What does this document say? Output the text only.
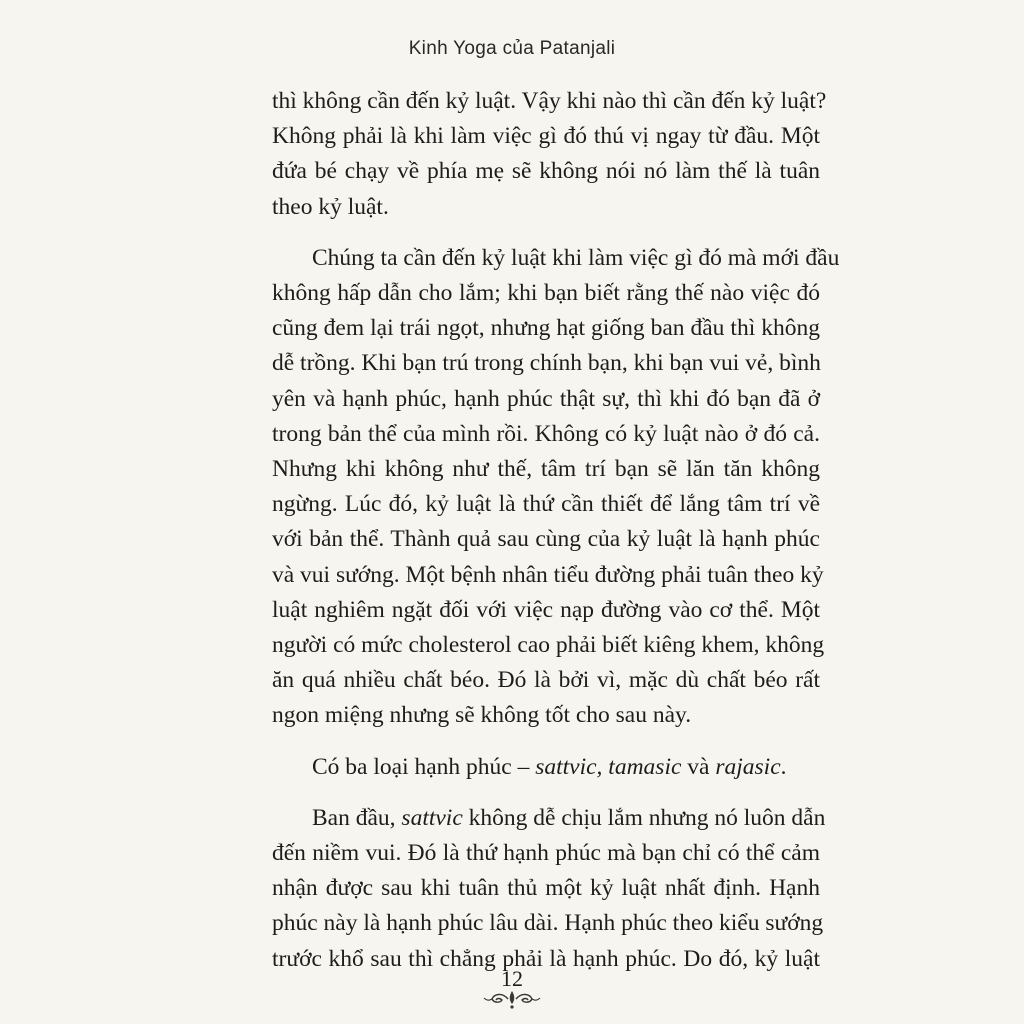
Kinh Yoga của Patanjali

thì không cần đến kỷ luật. Vậy khi nào thì cần đến kỷ luật?
Không phải là khi làm việc gì đó thú vị ngay từ đầu. Một
đứa bé chạy về phía mẹ sẽ không nói nó làm thế là tuân
theo kỷ luật.

Chúng ta cần đến kỷ luật khi làm việc gì đó mà mới đầu
không hấp dẫn cho lắm; khi bạn biết rằng thế nào việc đó
cũng đem lại trái ngọt, nhưng hạt giống ban đầu thì không
dễ trồng. Khi bạn trú trong chính bạn, khi bạn vui vẻ, bình
yên và hạnh phúc, hạnh phúc thật sự, thì khi đó bạn đã ở
trong bản thể của mình rồi. Không có kỷ luật nào ở đó cả.
Nhưng khi không như thế, tâm trí bạn sẽ lăn tăn không
ngừng. Lúc đó, kỷ luật là thứ cần thiết để lắng tâm trí về
với bản thể. Thành quả sau cùng của kỷ luật là hạnh phúc
và vui sướng. Một bệnh nhân tiểu đường phải tuân theo kỷ
luật nghiêm ngặt đối với việc nạp đường vào cơ thể. Một
người có mức cholesterol cao phải biết kiêng khem, không
ăn quá nhiều chất béo. Đó là bởi vì, mặc dù chất béo rất
ngon miệng nhưng sẽ không tốt cho sau này.

Có ba loại hạnh phúc – sattvic, tamasic và rajasic.

Ban đầu, sattvic không dễ chịu lắm nhưng nó luôn dẫn
đến niềm vui. Đó là thứ hạnh phúc mà bạn chỉ có thể cảm
nhận được sau khi tuân thủ một kỷ luật nhất định. Hạnh
phúc này là hạnh phúc lâu dài. Hạnh phúc theo kiểu sướng
trước khổ sau thì chẳng phải là hạnh phúc. Do đó, kỷ luật

12
